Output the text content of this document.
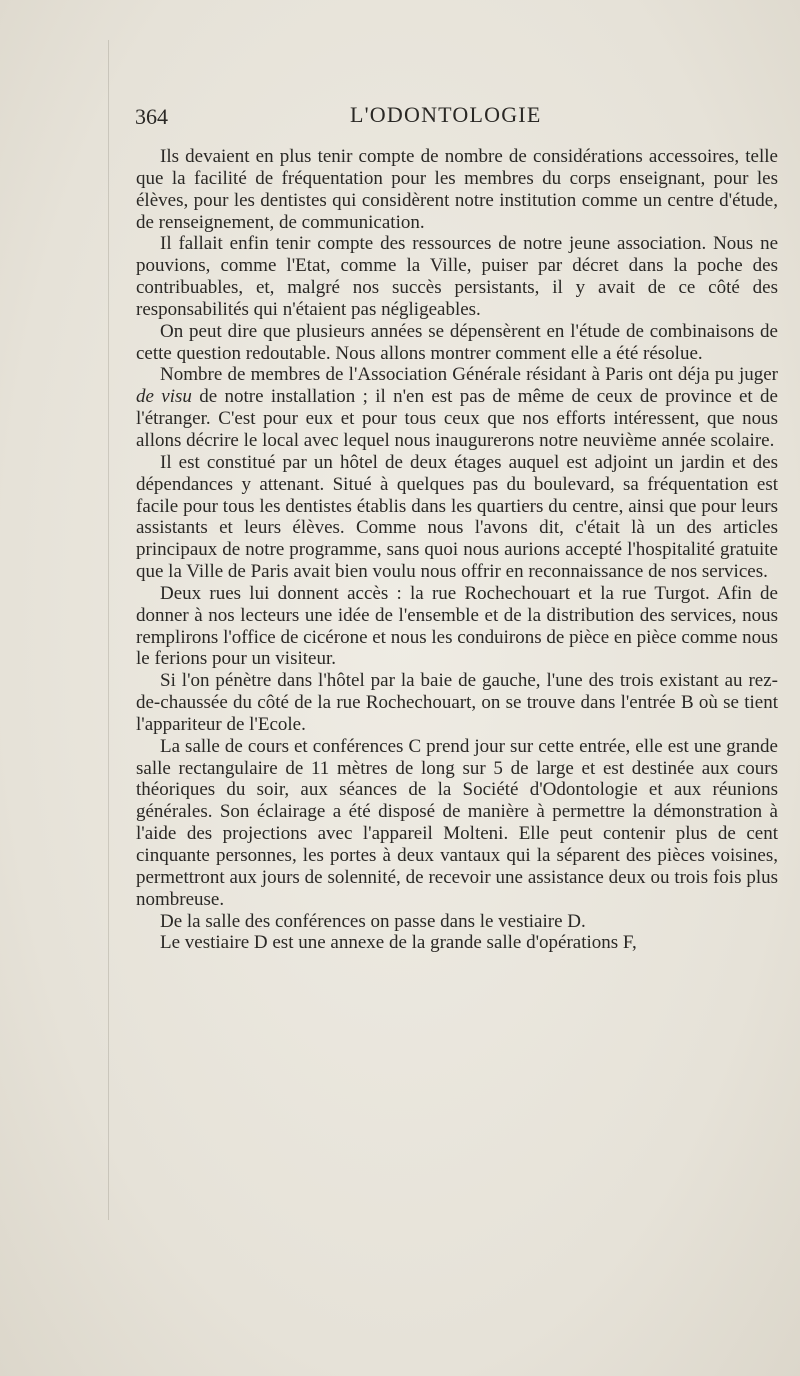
364	L'ODONTOLOGIE

Ils devaient en plus tenir compte de nombre de considérations accessoires, telle que la facilité de fréquentation pour les membres du corps enseignant, pour les élèves, pour les dentistes qui considèrent notre institution comme un centre d'étude, de renseignement, de communication.

Il fallait enfin tenir compte des ressources de notre jeune association. Nous ne pouvions, comme l'Etat, comme la Ville, puiser par décret dans la poche des contribuables, et, malgré nos succès persistants, il y avait de ce côté des responsabilités qui n'étaient pas négligeables.

On peut dire que plusieurs années se dépensèrent en l'étude de combinaisons de cette question redoutable. Nous allons montrer comment elle a été résolue.

Nombre de membres de l'Association Générale résidant à Paris ont déja pu juger de visu de notre installation ; il n'en est pas de même de ceux de province et de l'étranger. C'est pour eux et pour tous ceux que nos efforts intéressent, que nous allons décrire le local avec lequel nous inaugurerons notre neuvième année scolaire.

Il est constitué par un hôtel de deux étages auquel est adjoint un jardin et des dépendances y attenant. Situé à quelques pas du boulevard, sa fréquentation est facile pour tous les dentistes établis dans les quartiers du centre, ainsi que pour leurs assistants et leurs élèves. Comme nous l'avons dit, c'était là un des articles principaux de notre programme, sans quoi nous aurions accepté l'hospitalité gratuite que la Ville de Paris avait bien voulu nous offrir en reconnaissance de nos services.

Deux rues lui donnent accès : la rue Rochechouart et la rue Turgot. Afin de donner à nos lecteurs une idée de l'ensemble et de la distribution des services, nous remplirons l'office de cicérone et nous les conduirons de pièce en pièce comme nous le ferions pour un visiteur.

Si l'on pénètre dans l'hôtel par la baie de gauche, l'une des trois existant au rez-de-chaussée du côté de la rue Rochechouart, on se trouve dans l'entrée B où se tient l'appariteur de l'Ecole.

La salle de cours et conférences C prend jour sur cette entrée, elle est une grande salle rectangulaire de 11 mètres de long sur 5 de large et est destinée aux cours théoriques du soir, aux séances de la Société d'Odontologie et aux réunions générales. Son éclairage a été disposé de manière à permettre la démonstration à l'aide des projections avec l'appareil Molteni. Elle peut contenir plus de cent cinquante personnes, les portes à deux vantaux qui la séparent des pièces voisines, permettront aux jours de solennité, de recevoir une assistance deux ou trois fois plus nombreuse.

De la salle des conférences on passe dans le vestiaire D.

Le vestiaire D est une annexe de la grande salle d'opérations F,
